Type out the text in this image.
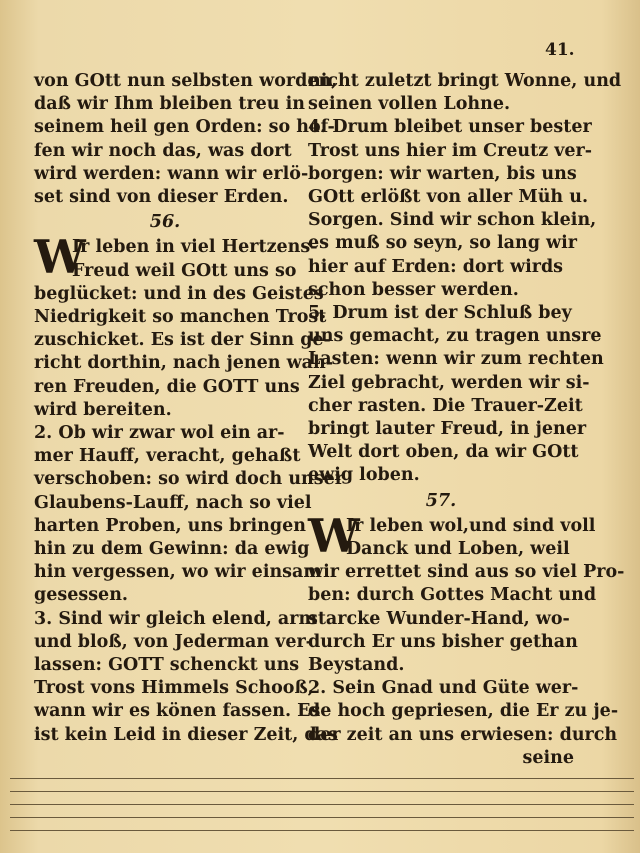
41.
von GOtt nun selbsten worden,
daß wir Ihm bleiben treu in
seinem heil gen Orden: so hof-
fen wir noch das, was dort
wird werden: wann wir erlö-
set sind von dieser Erden.
56.
W
Ir leben in viel Hertzens-
Freud weil GOtt uns so
beglücket: und in des Geistes
Niedrigkeit so manchen Trost
zuschicket. Es ist der Sinn ge-
richt dorthin, nach jenen wah-
ren Freuden, die GOTT uns
wird bereiten.
2. Ob wir zwar wol ein ar-
mer Hauff, veracht, gehaßt
verschoben: so wird doch unser
Glaubens-Lauff, nach so viel
harten Proben, uns bringen
hin zu dem Gewinn: da ewig
hin vergessen, wo wir einsam
gesessen.
3. Sind wir gleich elend, arm
und bloß, von Jederman ver-
lassen: GOTT schenckt uns
Trost vons Himmels Schooß,
wann wir es könen fassen. Es
ist kein Leid in dieser Zeit, das
nicht zuletzt bringt Wonne, und
seinen vollen Lohne.
4. Drum bleibet unser bester
Trost uns hier im Creutz ver-
borgen: wir warten, bis uns
GOtt erlößt von aller Müh u.
Sorgen. Sind wir schon klein,
es muß so seyn, so lang wir
hier auf Erden: dort wirds
schon besser werden.
5. Drum ist der Schluß bey
uns gemacht, zu tragen unsre
Lasten: wenn wir zum rechten
Ziel gebracht, werden wir si-
cher rasten. Die Trauer-Zeit
bringt lauter Freud, in jener
Welt dort oben, da wir GOtt
ewig loben.
57.
W
Ir leben wol,und sind voll
Danck und Loben, weil
wir errettet sind aus so viel Pro-
ben: durch Gottes Macht und
starcke Wunder-Hand, wo-
durch Er uns bisher gethan
Beystand.
2. Sein Gnad und Güte wer-
de hoch gepriesen, die Er zu je-
der zeit an uns erwiesen: durch
seine
